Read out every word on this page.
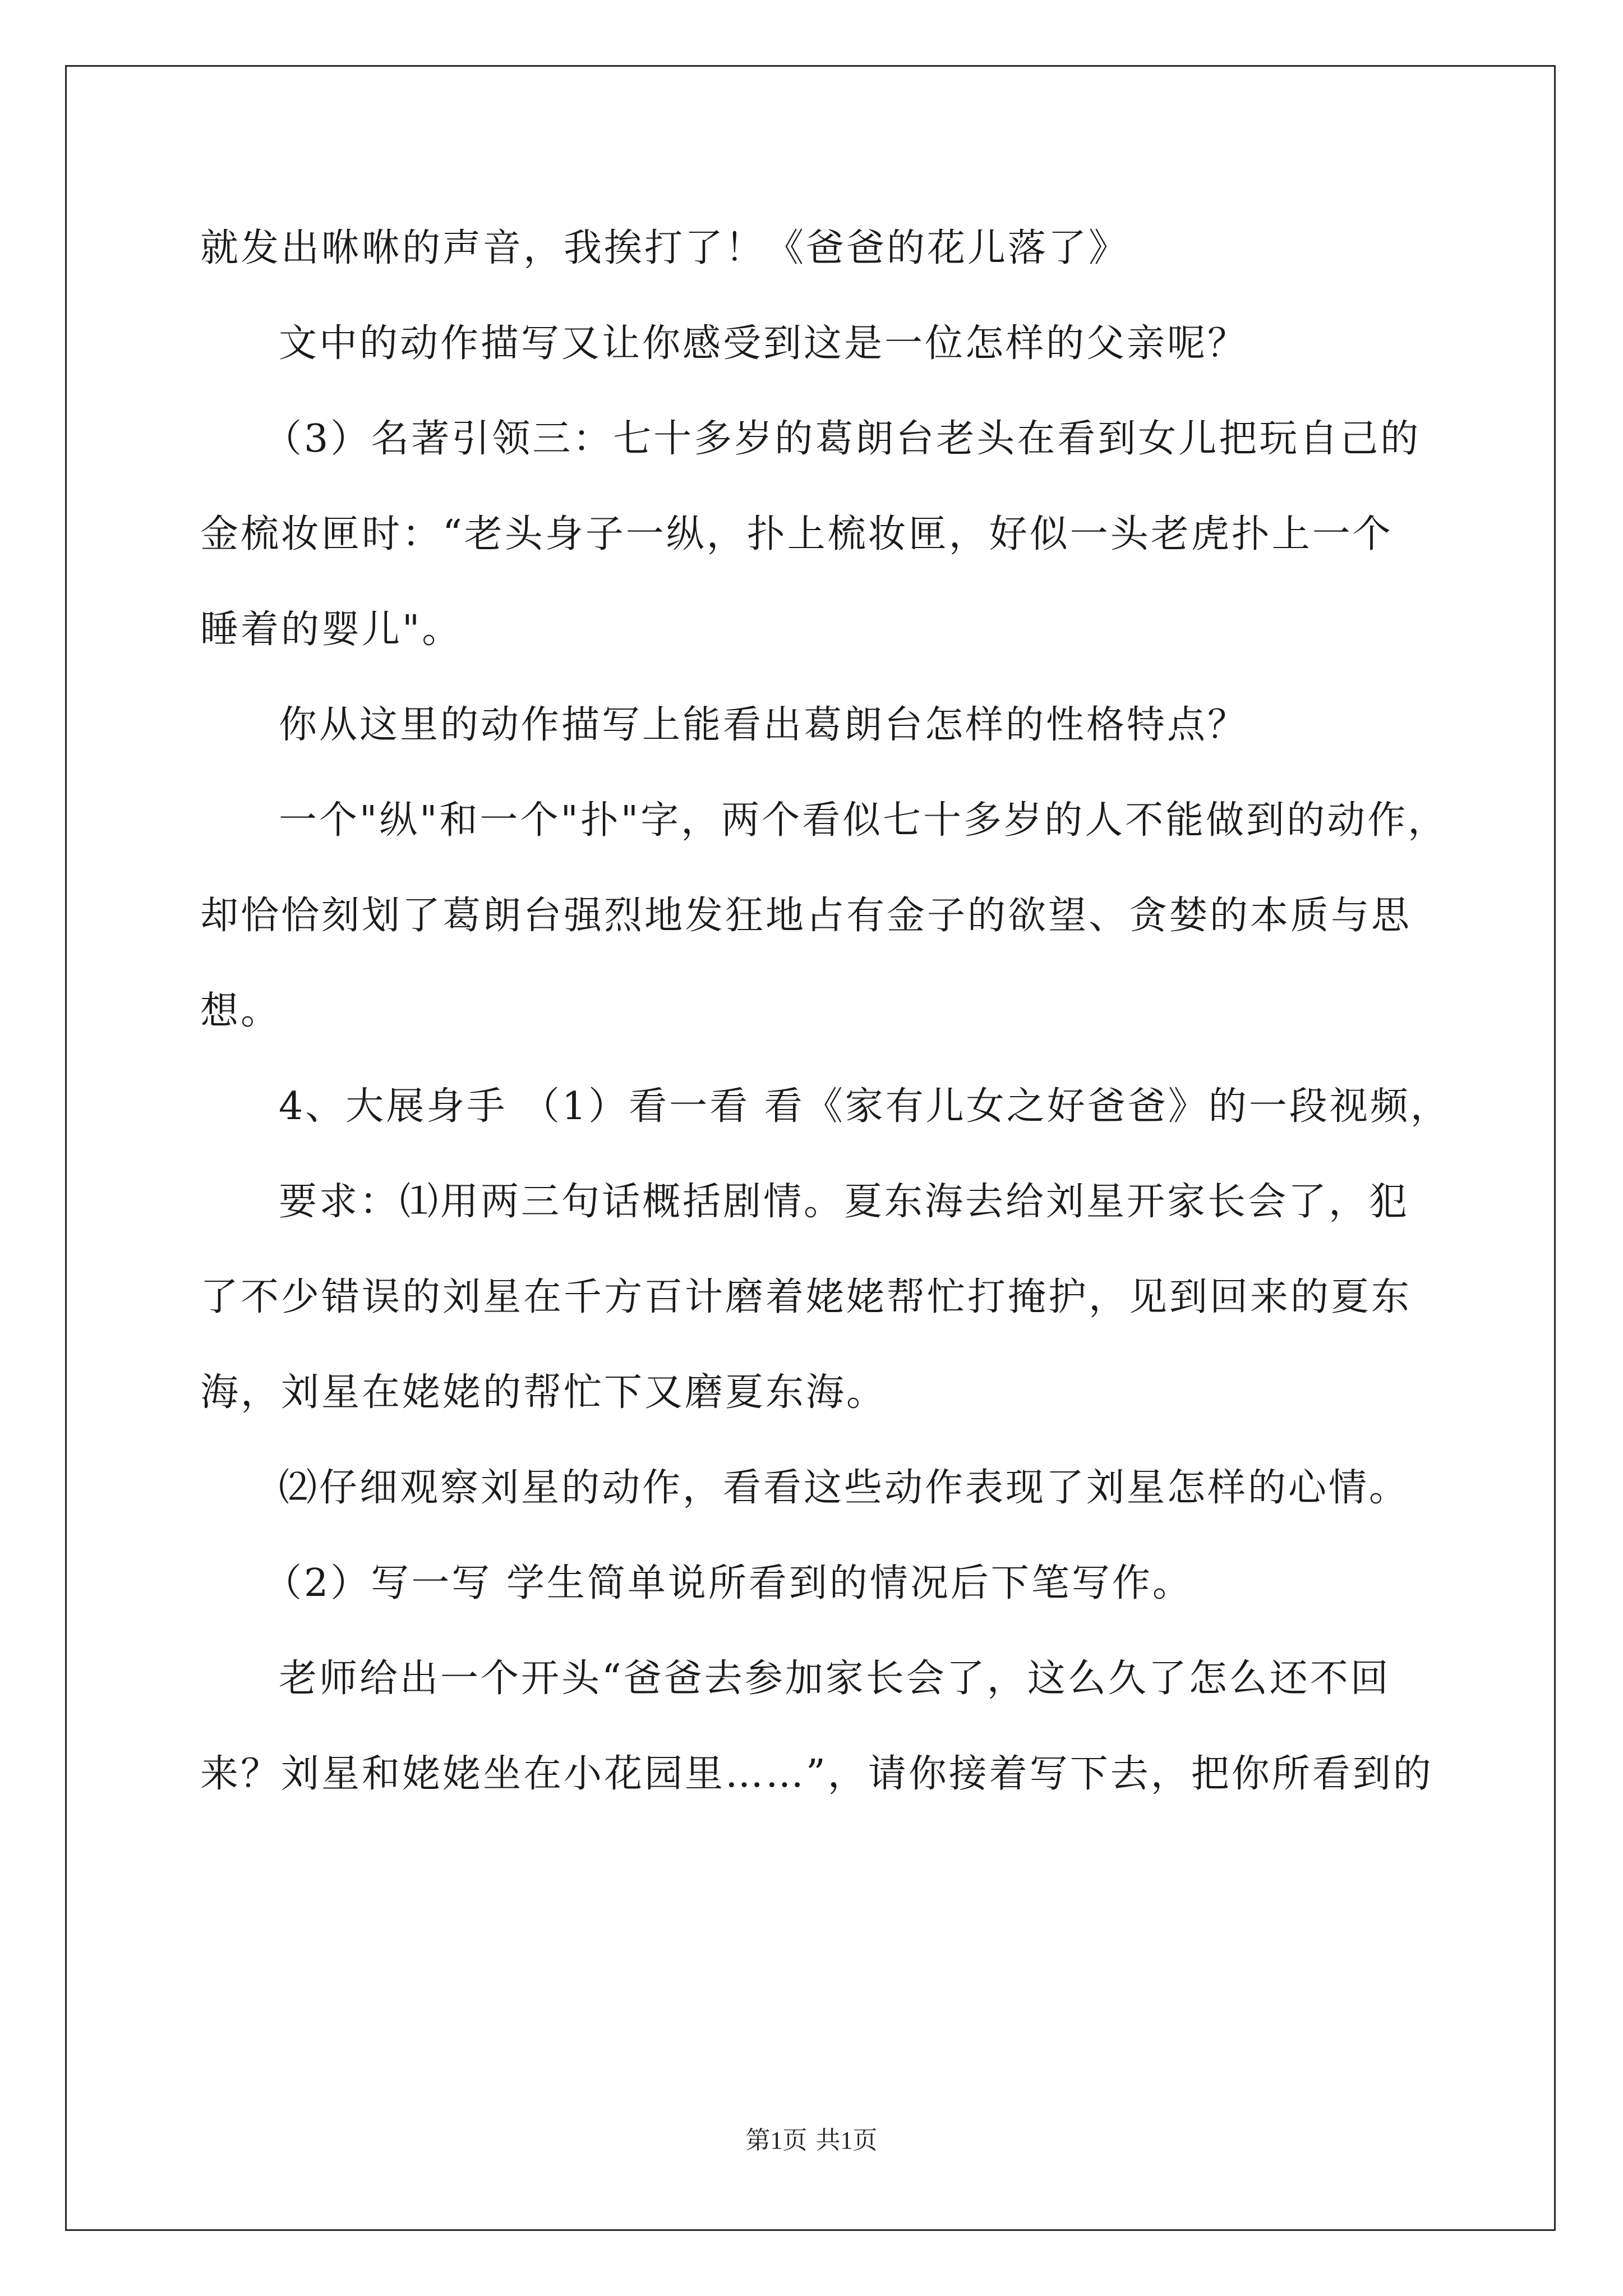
就发出咻咻的声音，我挨打了！《爸爸的花儿落了》
文中的动作描写又让你感受到这是一位怎样的父亲呢？
（3）名著引领三：七十多岁的葛朗台老头在看到女儿把玩自己的
金梳妆匣时：“老头身子一纵，扑上梳妆匣，好似一头老虎扑上一个
睡着的婴儿"。
你从这里的动作描写上能看出葛朗台怎样的性格特点？
一个"纵"和一个"扑"字，两个看似七十多岁的人不能做到的动作，
却恰恰刻划了葛朗台强烈地发狂地占有金子的欲望、贪婪的本质与思
想。
4、大展身手 （1）看一看 看《家有儿女之好爸爸》的一段视频，
要求：⑴用两三句话概括剧情。夏东海去给刘星开家长会了，犯
了不少错误的刘星在千方百计磨着姥姥帮忙打掩护，见到回来的夏东
海，刘星在姥姥的帮忙下又磨夏东海。
⑵仔细观察刘星的动作，看看这些动作表现了刘星怎样的心情。
（2）写一写 学生简单说所看到的情况后下笔写作。
老师给出一个开头“爸爸去参加家长会了，这么久了怎么还不回
来？刘星和姥姥坐在小花园里……”，请你接着写下去，把你所看到的
第1页 共1页
